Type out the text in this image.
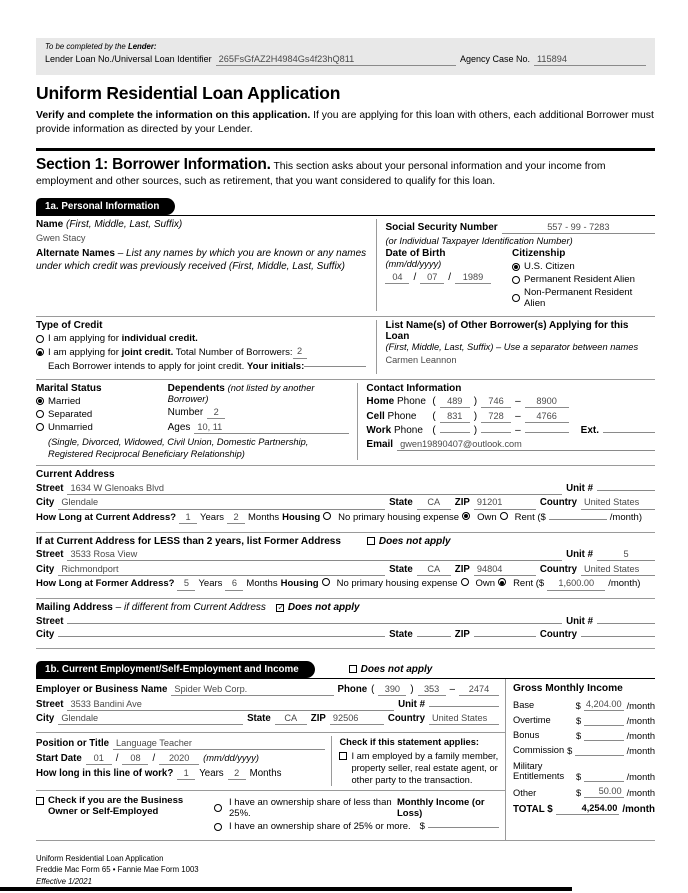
To be completed by the Lender:
Lender Loan No./Universal Loan Identifier 265FsGfAZ2H4984Gs4f23hQ811	Agency Case No. 115894
Uniform Residential Loan Application

Verify and complete the information on this application. If you are applying for this loan with others, each additional Borrower must provide information as directed by your Lender.

Section 1: Borrower Information. This section asks about your personal information and your income from employment and other sources, such as retirement, that you want considered to qualify for this loan.
1a. Personal Information
Name (First, Middle, Last, Suffix)
Gwen Stacy
Alternate Names – List any names by which you are known or any names under which credit was previously received (First, Middle, Last, Suffix)
Social Security Number	557 - 99 - 7283
(or Individual Taxpayer Identification Number)
Date of Birth
(mm/dd/yyyy)
04	/	07	/	1989
Citizenship
U.S. Citizen
Permanent Resident Alien
Non-Permanent Resident Alien
Type of Credit
I am applying for individual credit.
I am applying for joint credit. Total Number of Borrowers: 2
Each Borrower intends to apply for joint credit. Your initials:
List Name(s) of Other Borrower(s) Applying for this Loan
(First, Middle, Last, Suffix) – Use a separator between names
Carmen Leannon
Marital Status
Married
Separated
Unmarried
Dependents (not listed by another Borrower)
Number	2
Ages 10, 11
(Single, Divorced, Widowed, Civil Union, Domestic Partnership, Registered Reciprocal Beneficiary Relationship)
Contact Information
Home Phone (	489	)	746	–	8900
Cell Phone	(	831	)	728	–	4766
Work Phone (	)	–	Ext.
Email gwen19890407@outlook.com
Current Address
Street 1634 W Glenoaks Blvd	Unit #
City Glendale	State	CA	ZIP 91201	Country United States
How Long at Current Address?	1 Years	2 Months Housing No primary housing expense Own Rent ($	/month)
If at Current Address for LESS than 2 years, list Former Address	Does not apply
Street 3533 Rosa View	Unit #	5
City Richmondport	State	CA	ZIP 94804	Country United States
How Long at Former Address?	5 Years	6 Months Housing No primary housing expense Own Rent ($	1,600.00	/month)
Mailing Address – if different from Current Address ✓ Does not apply
Street	Unit #
City	State	ZIP	Country
1b. Current Employment/Self-Employment and Income	Does not apply
Employer or Business Name Spider Web Corp.	Phone (	390	)	353	–	2474
Street 3533 Bandini Ave	Unit #
City Glendale	State	CA	ZIP 92506	Country United States
Position or Title Language Teacher
Start Date	01	/	08	/	2020	(mm/dd/yyyy)
How long in this line of work?	1	Years	2	Months
Check if this statement applies:
I am employed by a family member, property seller, real estate agent, or other party to the transaction.
Check if you are the Business Owner or Self-Employed
I have an ownership share of less than 25%.
Monthly Income (or Loss)
I have an ownership share of 25% or more. $
Gross Monthly Income
Base	$ 4,204.00 /month
Overtime	$	/month
Bonus	$	/month
Commission $	/month
Military Entitlements	$	/month
Other	$	50.00 /month
TOTAL $	4,254.00 /month
Uniform Residential Loan Application
Freddie Mac Form 65 • Fannie Mae Form 1003
Effective 1/2021
